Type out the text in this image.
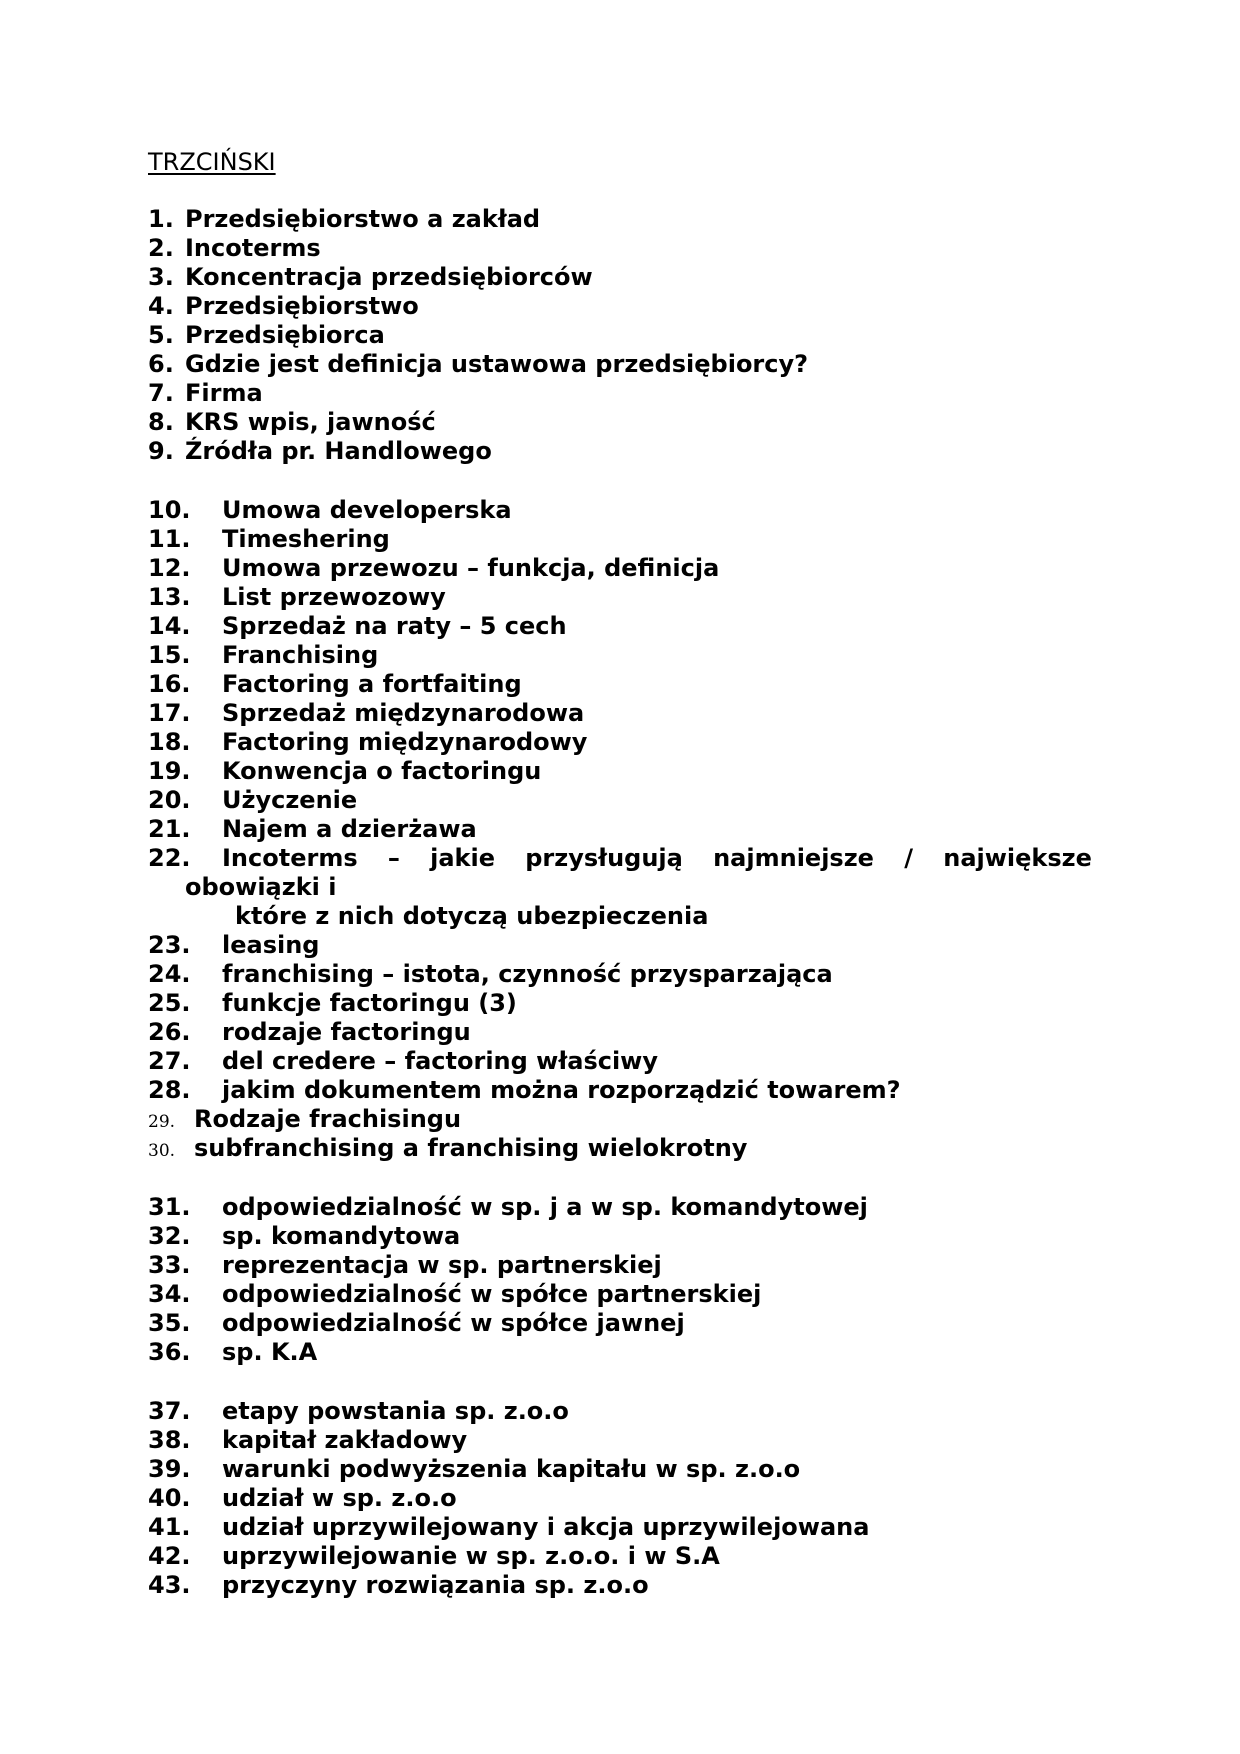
TRZCIŃSKI
1. Przedsiębiorstwo a zakład
2. Incoterms
3. Koncentracja przedsiębiorców
4. Przedsiębiorstwo
5. Przedsiębiorca
6. Gdzie jest definicja ustawowa przedsiębiorcy?
7. Firma
8. KRS wpis, jawność
9. Źródła pr. Handlowego
10. Umowa developerska
11. Timeshering
12. Umowa przewozu – funkcja, definicja
13. List przewozowy
14. Sprzedaż na raty – 5 cech
15. Franchising
16. Factoring a fortfaiting
17. Sprzedaż międzynarodowa
18. Factoring międzynarodowy
19. Konwencja o factoringu
20. Użyczenie
21. Najem a dzierżawa
22. Incoterms – jakie przysługują najmniejsze / największe
obowiązki i
które z nich dotyczą ubezpieczenia
23. leasing
24. franchising – istota, czynność przysparzająca
25. funkcje factoringu (3)
26. rodzaje factoringu
27. del credere – factoring właściwy
28. jakim dokumentem można rozporządzić towarem?
29. Rodzaje frachisingu
30. subfranchising a franchising wielokrotny
31. odpowiedzialność w sp. j a w sp. komandytowej
32. sp. komandytowa
33. reprezentacja w sp. partnerskiej
34. odpowiedzialność w spółce partnerskiej
35. odpowiedzialność w spółce jawnej
36. sp. K.A
37. etapy powstania sp. z.o.o
38. kapitał zakładowy
39. warunki podwyższenia kapitału w sp. z.o.o
40. udział w sp. z.o.o
41. udział uprzywilejowany i akcja uprzywilejowana
42. uprzywilejowanie w sp. z.o.o. i w S.A
43. przyczyny rozwiązania sp. z.o.o
